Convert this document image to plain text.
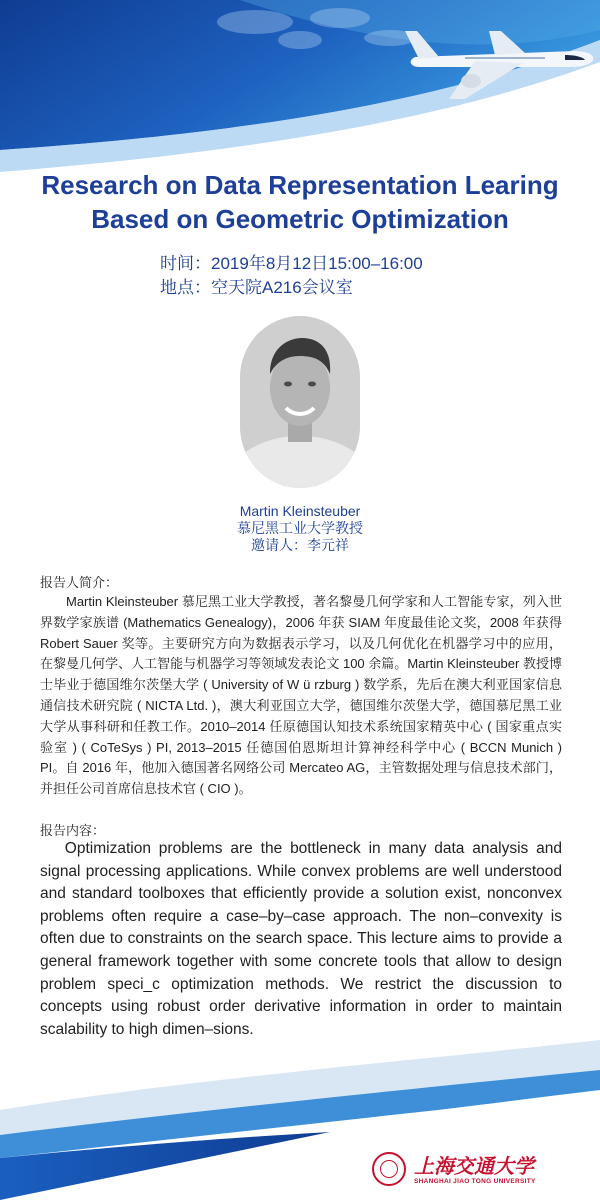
Research on Data Representation Learing
Based on Geometric Optimization
时间：2019年8月12日15:00–16:00
地点：空天院A216会议室
Martin Kleinsteuber
慕尼黑工业大学教授
邀请人：李元祥
报告人简介：

Martin Kleinsteuber 慕尼黑工业大学教授，著名黎曼几何学家和人工智能专家，列入世界数学家族谱 (Mathematics Genealogy)，2006 年获 SIAM 年度最佳论文奖，2008 年获得 Robert Sauer 奖等。主要研究方向为数据表示学习，以及几何优化在机器学习中的应用，在黎曼几何学、人工智能与机器学习等领域发表论文 100 余篇。Martin Kleinsteuber 教授博士毕业于德国维尔茨堡大学 ( University of W ü rzburg ) 数学系，先后在澳大利亚国家信息通信技术研究院 ( NICTA Ltd. )，澳大利亚国立大学，德国维尔茨堡大学，德国慕尼黑工业大学从事科研和任教工作。2010–2014 任原德国认知技术系统国家精英中心 ( 国家重点实验室 ) ( CoTeSys ) PI, 2013–2015 任德国伯恩斯坦计算神经科学中心 ( BCCN Munich ) PI。自 2016 年，他加入德国著名网络公司 Mercateo AG，主管数据处理与信息技术部门，并担任公司首席信息技术官 ( CIO )。

报告内容：

Optimization problems are the bottleneck in many data analysis and signal processing applications. While convex problems are well understood and standard toolboxes that efficiently provide a solution exist, nonconvex problems often require a case–by–case approach. The non–convexity is often due to constraints on the search space. This lecture aims to provide a general framework together with some concrete tools that allow to design problem speci_c optimization methods. We restrict the discussion to concepts using robust order derivative information in order to maintain scalability to high dimen–sions.

上海交通大学
SHANGHAI JIAO TONG UNIVERSITY
